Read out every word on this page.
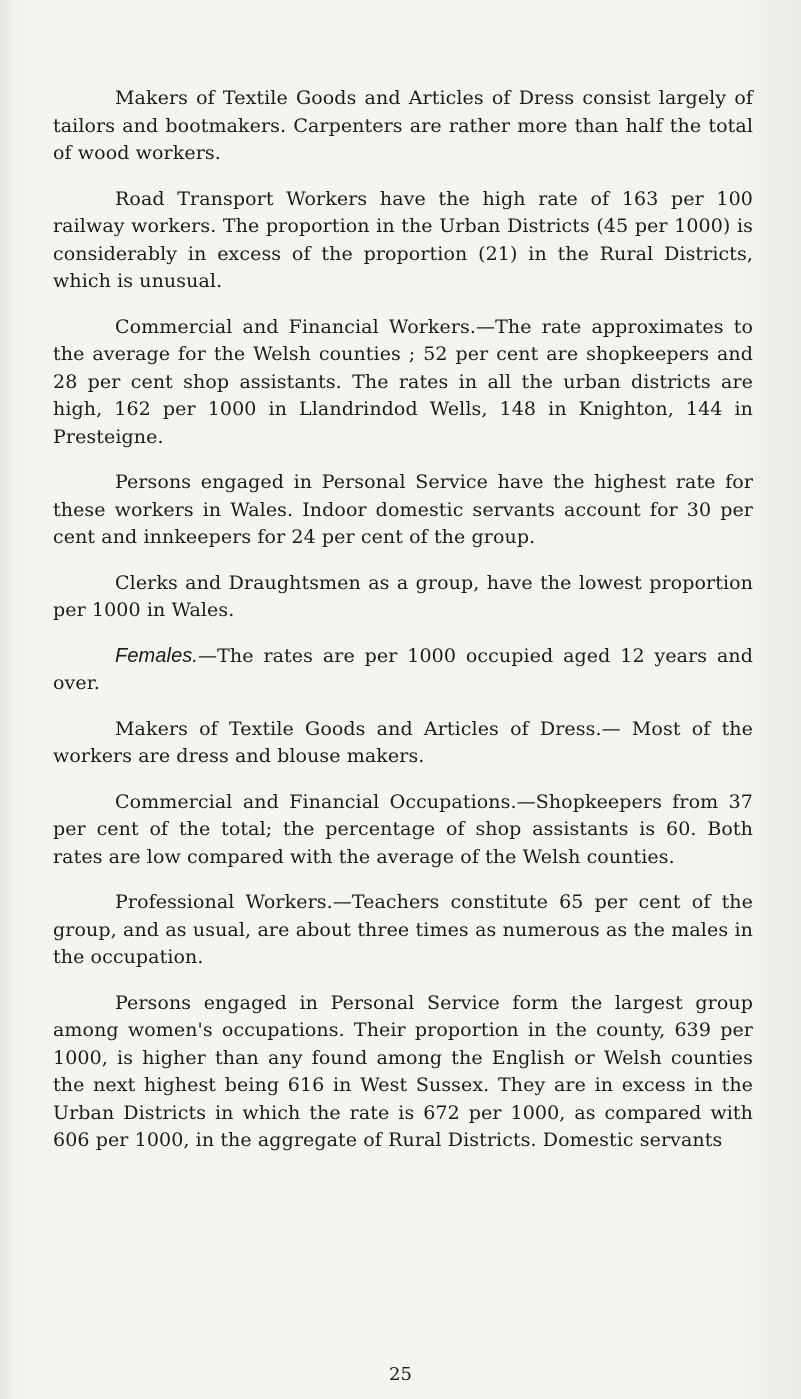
Makers of Textile Goods and Articles of Dress consist largely of tailors and bootmakers. Carpenters are rather more than half the total of wood workers.

Road Transport Workers have the high rate of 163 per 100 railway workers. The proportion in the Urban Districts (45 per 1000) is considerably in excess of the proportion (21) in the Rural Districts, which is unusual.

Commercial and Financial Workers.—The rate approximates to the average for the Welsh counties ; 52 per cent are shopkeepers and 28 per cent shop assistants. The rates in all the urban districts are high, 162 per 1000 in Llandrindod Wells, 148 in Knighton, 144 in Presteigne.

Persons engaged in Personal Service have the highest rate for these workers in Wales. Indoor domestic servants account for 30 per cent and innkeepers for 24 per cent of the group.

Clerks and Draughtsmen as a group, have the lowest proportion per 1000 in Wales.

Females.—The rates are per 1000 occupied aged 12 years and over.

Makers of Textile Goods and Articles of Dress.— Most of the workers are dress and blouse makers.

Commercial and Financial Occupations.—Shopkeepers from 37 per cent of the total; the percentage of shop assistants is 60. Both rates are low compared with the average of the Welsh counties.

Professional Workers.—Teachers constitute 65 per cent of the group, and as usual, are about three times as numerous as the males in the occupation.

Persons engaged in Personal Service form the largest group among women's occupations. Their proportion in the county, 639 per 1000, is higher than any found among the English or Welsh counties the next highest being 616 in West Sussex. They are in excess in the Urban Districts in which the rate is 672 per 1000, as compared with 606 per 1000, in the aggregate of Rural Districts. Domestic servants

25
